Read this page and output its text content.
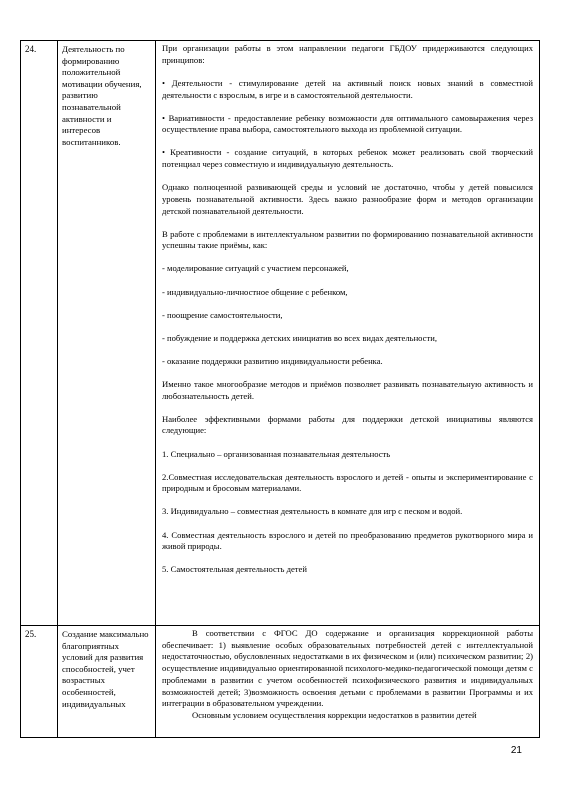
24.	Деятельность по формированию положительной мотивации обучения, развитию познавательной активности и интересов воспитанников.

При организации работы в этом направлении педагоги ГБДОУ придерживаются следующих принципов:

• Деятельности - стимулирование детей на активный поиск новых знаний в совместной деятельности с взрослым, в игре и в самостоятельной деятельности.

• Вариативности - предоставление ребенку возможности для оптимального самовыражения через осуществление права выбора, самостоятельного выхода из проблемной ситуации.

• Креативности - создание ситуаций, в которых ребенок может реализовать свой творческий потенциал через совместную и индивидуальную деятельность.

Однако полноценной развивающей среды и условий не достаточно, чтобы у детей повысился уровень познавательной активности. Здесь важно разнообразие форм и методов организации детской познавательной деятельности.

В работе с проблемами в интеллектуальном развитии по формированию познавательной активности успешны такие приёмы, как:

- моделирование ситуаций с участием персонажей,

- индивидуально-личностное общение с ребенком,

- поощрение самостоятельности,

- побуждение и поддержка детских инициатив во всех видах деятельности,

- оказание поддержки развитию индивидуальности ребенка.

Именно такое многообразие методов и приёмов позволяет развивать познавательную активность и любознательность детей.

Наиболее эффективными формами работы для поддержки детской инициативы являются следующие:

1. Специально – организованная познавательная деятельность

2.Совместная исследовательская деятельность взрослого и детей - опыты и экспериментирование с природным и бросовым материалами.

3. Индивидуально – совместная деятельность в комнате для игр с песком и водой.

4. Совместная деятельность взрослого и детей по преобразованию предметов рукотворного мира и живой природы.

5. Самостоятельная деятельность детей

25.	Создание максимально благоприятных условий для развития способностей, учет возрастных особенностей, индивидуальных

В соответствии с ФГОС ДО содержание и организация коррекционной работы обеспечивает: 1) выявление особых образовательных потребностей детей с интеллектуальной недостаточностью, обусловленных недостатками в их физическом и (или) психическом развитии; 2) осуществление индивидуально ориентированной психолого-медико-педагогической помощи детям с проблемами в развитии с учетом особенностей психофизического развития и индивидуальных возможностей детей; 3)возможность освоения детьми с проблемами в развитии Программы и их интеграции в образовательном учреждении.

Основным условием осуществления коррекции недостатков в развитии детей

21
